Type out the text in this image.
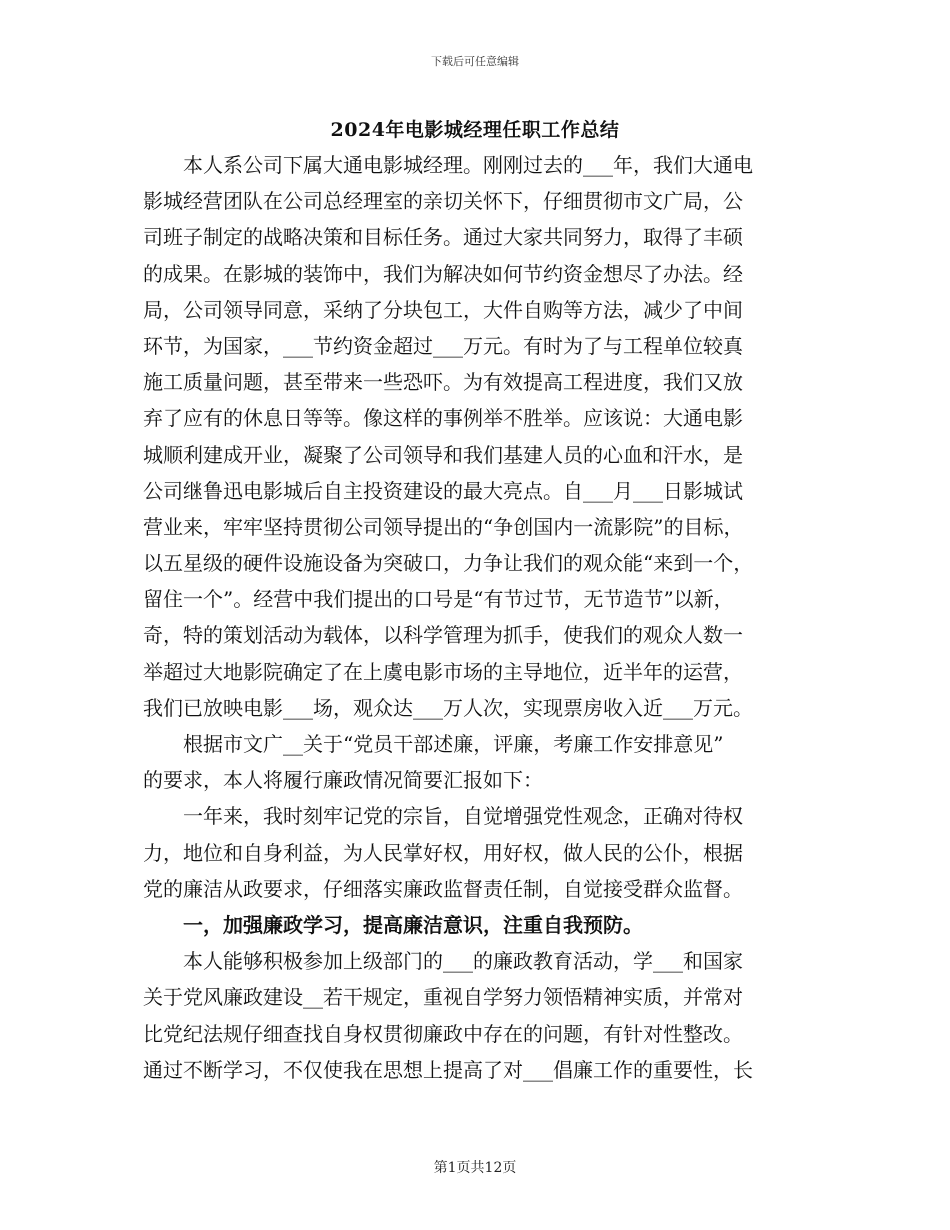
下载后可任意编辑
2024年电影城经理任职工作总结
　　本人系公司下属大通电影城经理。刚刚过去的___年，我们大通电
影城经营团队在公司总经理室的亲切关怀下，仔细贯彻市文广局，公
司班子制定的战略决策和目标任务。通过大家共同努力，取得了丰硕
的成果。在影城的装饰中，我们为解决如何节约资金想尽了办法。经
局，公司领导同意，采纳了分块包工，大件自购等方法，减少了中间
环节，为国家，___节约资金超过___万元。有时为了与工程单位较真
施工质量问题，甚至带来一些恐吓。为有效提高工程进度，我们又放
弃了应有的休息日等等。像这样的事例举不胜举。应该说：大通电影
城顺利建成开业，凝聚了公司领导和我们基建人员的心血和汗水，是
公司继鲁迅电影城后自主投资建设的最大亮点。自___月___日影城试
营业来，牢牢坚持贯彻公司领导提出的“争创国内一流影院”的目标，
以五星级的硬件设施设备为突破口，力争让我们的观众能“来到一个，
留住一个”。经营中我们提出的口号是“有节过节，无节造节”以新，
奇，特的策划活动为载体，以科学管理为抓手，使我们的观众人数一
举超过大地影院确定了在上虞电影市场的主导地位，近半年的运营，
我们已放映电影___场，观众达___万人次，实现票房收入近___万元。
　　根据市文广__关于“党员干部述廉，评廉，考廉工作安排意见”
的要求，本人将履行廉政情况简要汇报如下：
　　一年来，我时刻牢记党的宗旨，自觉增强党性观念，正确对待权
力，地位和自身利益，为人民掌好权，用好权，做人民的公仆，根据
党的廉洁从政要求，仔细落实廉政监督责任制，自觉接受群众监督。
　　一，加强廉政学习，提高廉洁意识，注重自我预防。
　　本人能够积极参加上级部门的___的廉政教育活动，学___和国家
关于党风廉政建设__若干规定，重视自学努力领悟精神实质，并常对
比党纪法规仔细查找自身权贯彻廉政中存在的问题，有针对性整改。
通过不断学习，不仅使我在思想上提高了对___倡廉工作的重要性，长
第1页共12页
